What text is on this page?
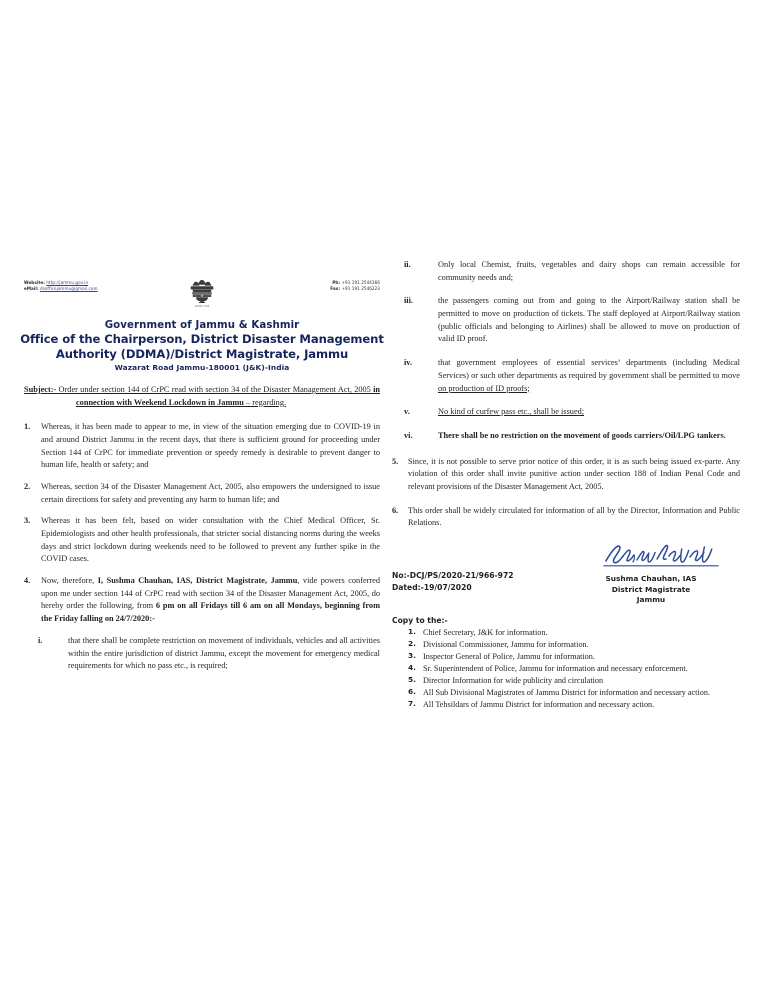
Website: http://jammu.gov.in
eMail: dsofficejammu@gmail.com
सत्यमेव जयते
Ph: +91 191 2544366
Fax: +91 191 2546223
Government of Jammu & Kashmir
Office of the Chairperson, District Disaster Management Authority (DDMA)/District Magistrate, Jammu
Wazarat Road Jammu-180001 (J&K)-India
Subject:- Order under section 144 of CrPC read with section 34 of the Disaster Management Act, 2005 in connection with Weekend Lockdown in Jammu – regarding.
1. Whereas, it has been made to appear to me, in view of the situation emerging due to COVID-19 in and around District Jammu in the recent days, that there is sufficient ground for proceeding under Section 144 of CrPC for immediate prevention or speedy remedy is desirable to prevent danger to human life, health or safety; and
2. Whereas, section 34 of the Disaster Management Act, 2005, also empowers the undersigned to issue certain directions for safety and preventing any harm to human life; and
3. Whereas it has been felt, based on wider consultation with the Chief Medical Officer, Sr. Epidemiologists and other health professionals, that stricter social distancing norms during the weeks days and strict lockdown during weekends need to be followed to prevent any further spike in the COVID cases.
4. Now, therefore, I, Sushma Chauhan, IAS, District Magistrate, Jammu, vide powers conferred upon me under section 144 of CrPC read with section 34 of the Disaster Management Act, 2005, do hereby order the following, from 6 pm on all Fridays till 6 am on all Mondays, beginning from the Friday falling on 24/7/2020:-
i.	that there shall be complete restriction on movement of individuals, vehicles and all activities within the entire jurisdiction of district Jammu, except the movement for emergency medical requirements for which no pass etc., is required;
ii.	Only local Chemist, fruits, vegetables and dairy shops can remain accessible for community needs and;
iii.	the passengers coming out from and going to the Airport/Railway station shall be permitted to move on production of tickets. The staff deployed at Airport/Railway station (public officials and belonging to Airlines) shall be allowed to move on production of valid ID proof.
iv.	that government employees of essential services’ departments (including Medical Services) or such other departments as required by government shall be permitted to move on production of ID proofs;
v.	No kind of curfew pass etc., shall be issued;
vi.	There shall be no restriction on the movement of goods carriers/Oil/LPG tankers.
5. Since, it is not possible to serve prior notice of this order, it is as such being issued ex-parte. Any violation of this order shall invite punitive action under section 188 of Indian Penal Code and relevant provisions of the Disaster Management Act, 2005.
6. This order shall be widely circulated for information of all by the Director, Information and Public Relations.
No:-DCJ/PS/2020-21/966-972
Dated:-19/07/2020
Sushma Chauhan, IAS
District Magistrate
Jammu
Copy to the:-
1. Chief Secretary, J&K for information.
2. Divisional Commissioner, Jammu for information.
3. Inspector General of Police, Jammu for information.
4. Sr. Superintendent of Police, Jammu for information and necessary enforcement.
5. Director Information for wide publicity and circulation
6. All Sub Divisional Magistrates of Jammu District for information and necessary action.
7. All Tehsildars of Jammu District for information and necessary action.
